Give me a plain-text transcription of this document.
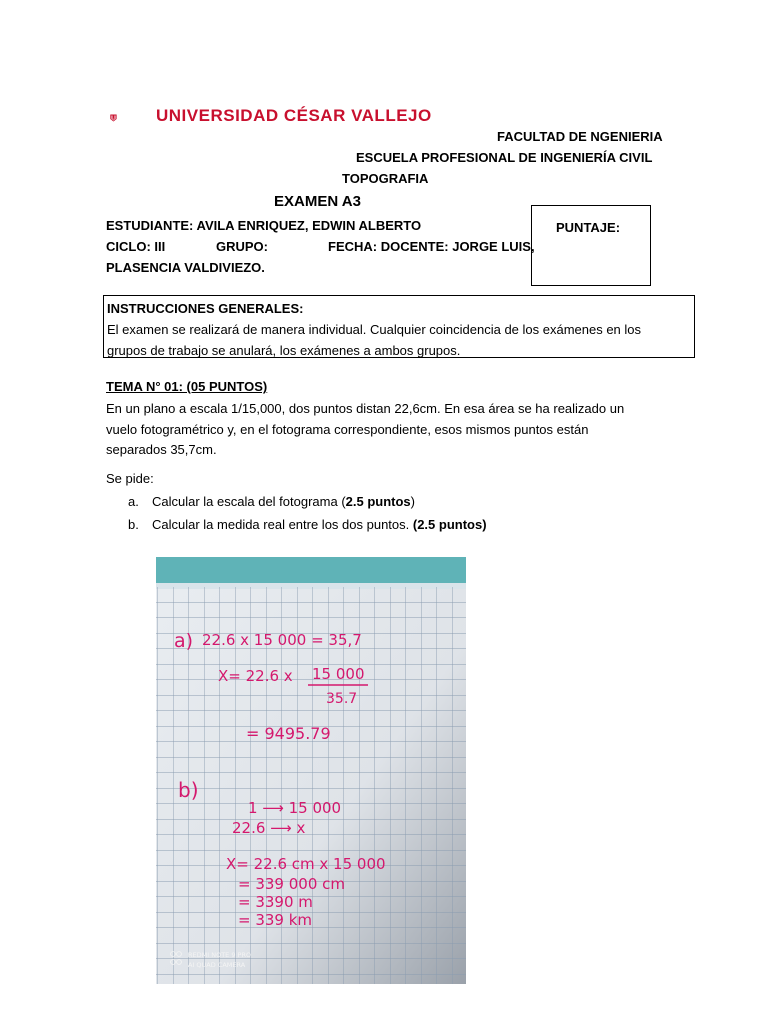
UNIVERSIDAD CÉSAR VALLEJO
FACULTAD DE NGENIERIA
ESCUELA PROFESIONAL DE INGENIERÍA CIVIL
TOPOGRAFIA
EXAMEN A3
ESTUDIANTE: AVILA ENRIQUEZ, EDWIN ALBERTO
CICLO: III	GRUPO:	FECHA: DOCENTE: JORGE LUIS,
PLASENCIA VALDIVIEZO.
PUNTAJE:
INSTRUCCIONES GENERALES:
El examen se realizará de manera individual. Cualquier coincidencia de los exámenes en los
grupos de trabajo se anulará, los exámenes a ambos grupos.
TEMA N° 01: (05 PUNTOS)
En un plano a escala 1/15,000, dos puntos distan 22,6cm. En esa área se ha realizado un
vuelo fotogramétrico y, en el fotograma correspondiente, esos mismos puntos están
separados 35,7cm.
Se pide:
a. Calcular la escala del fotograma (2.5 puntos)
b. Calcular la medida real entre los dos puntos. (2.5 puntos)
a) 22.6 x 15 000 = 35,7
X= 22.6 x 15 000
35.7
= 9495.79
b)
1 ⟶ 15 000
22.6 ⟶ x
X= 22.6 cm x 15 000
= 339 000 cm
= 3390 m
= 339 km
REDMI NOTE 9 PRO
AI QUAD CAMERA
